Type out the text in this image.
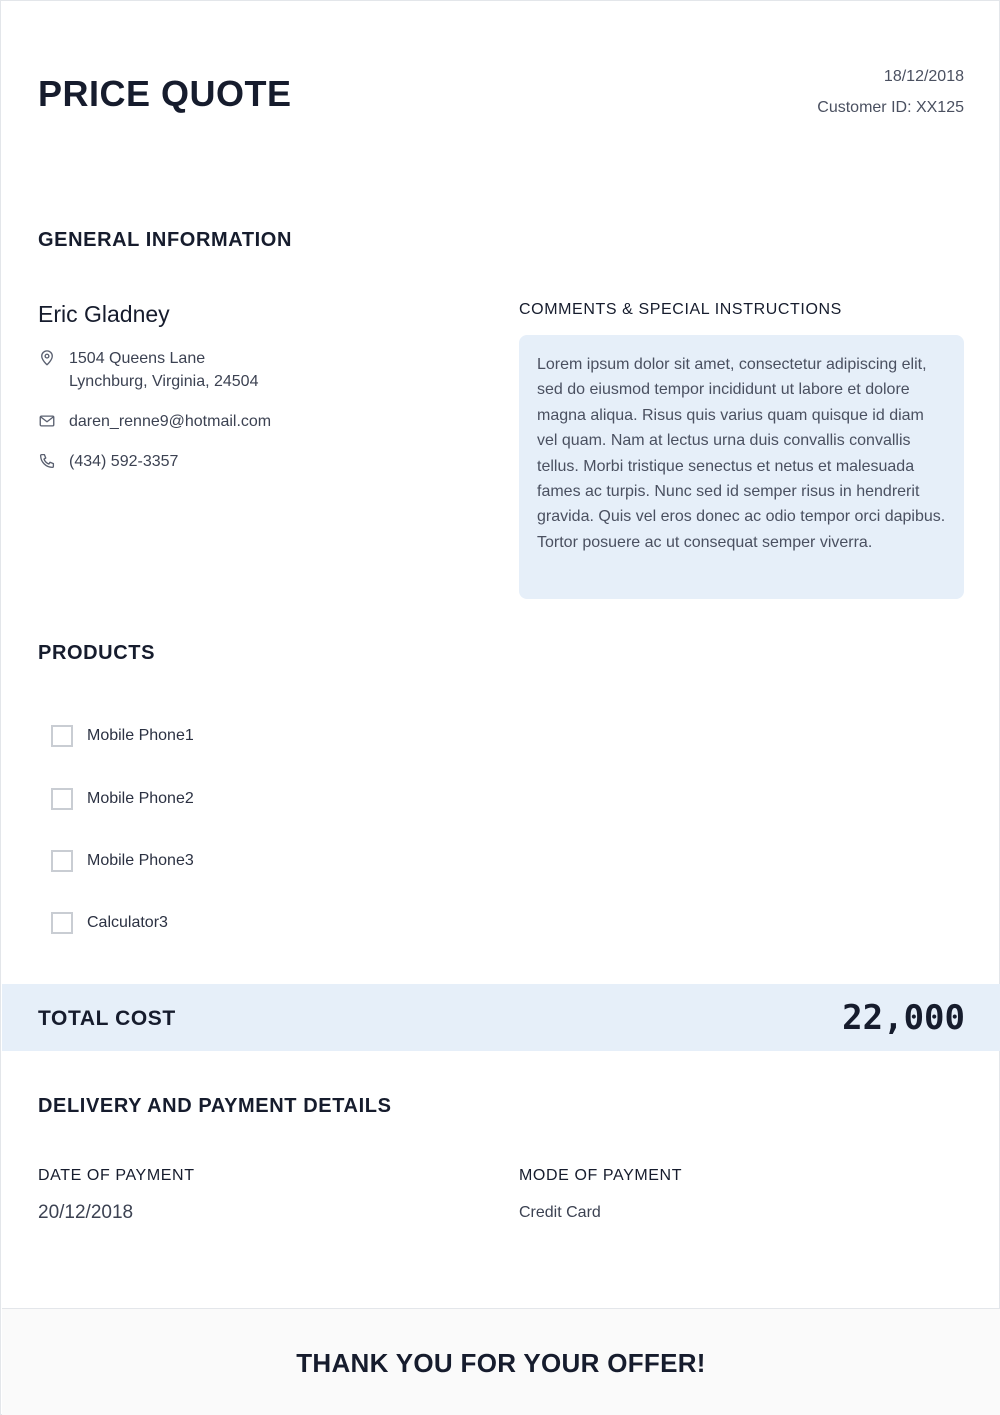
PRICE QUOTE	18/12/2018
Customer ID: XX125
GENERAL INFORMATION
Eric Gladney
1504 Queens Lane
Lynchburg, Virginia, 24504
daren_renne9@hotmail.com
(434) 592-3357
COMMENTS & SPECIAL INSTRUCTIONS
Lorem ipsum dolor sit amet, consectetur adipiscing elit, sed do eiusmod tempor incididunt ut labore et dolore magna aliqua. Risus quis varius quam quisque id diam vel quam. Nam at lectus urna duis convallis convallis tellus. Morbi tristique senectus et netus et malesuada fames ac turpis. Nunc sed id semper risus in hendrerit gravida. Quis vel eros donec ac odio tempor orci dapibus. Tortor posuere ac ut consequat semper viverra.
PRODUCTS
Mobile Phone1
Mobile Phone2
Mobile Phone3
Calculator3
TOTAL COST	22,000
DELIVERY AND PAYMENT DETAILS
DATE OF PAYMENT
20/12/2018
MODE OF PAYMENT
Credit Card
THANK YOU FOR YOUR OFFER!
